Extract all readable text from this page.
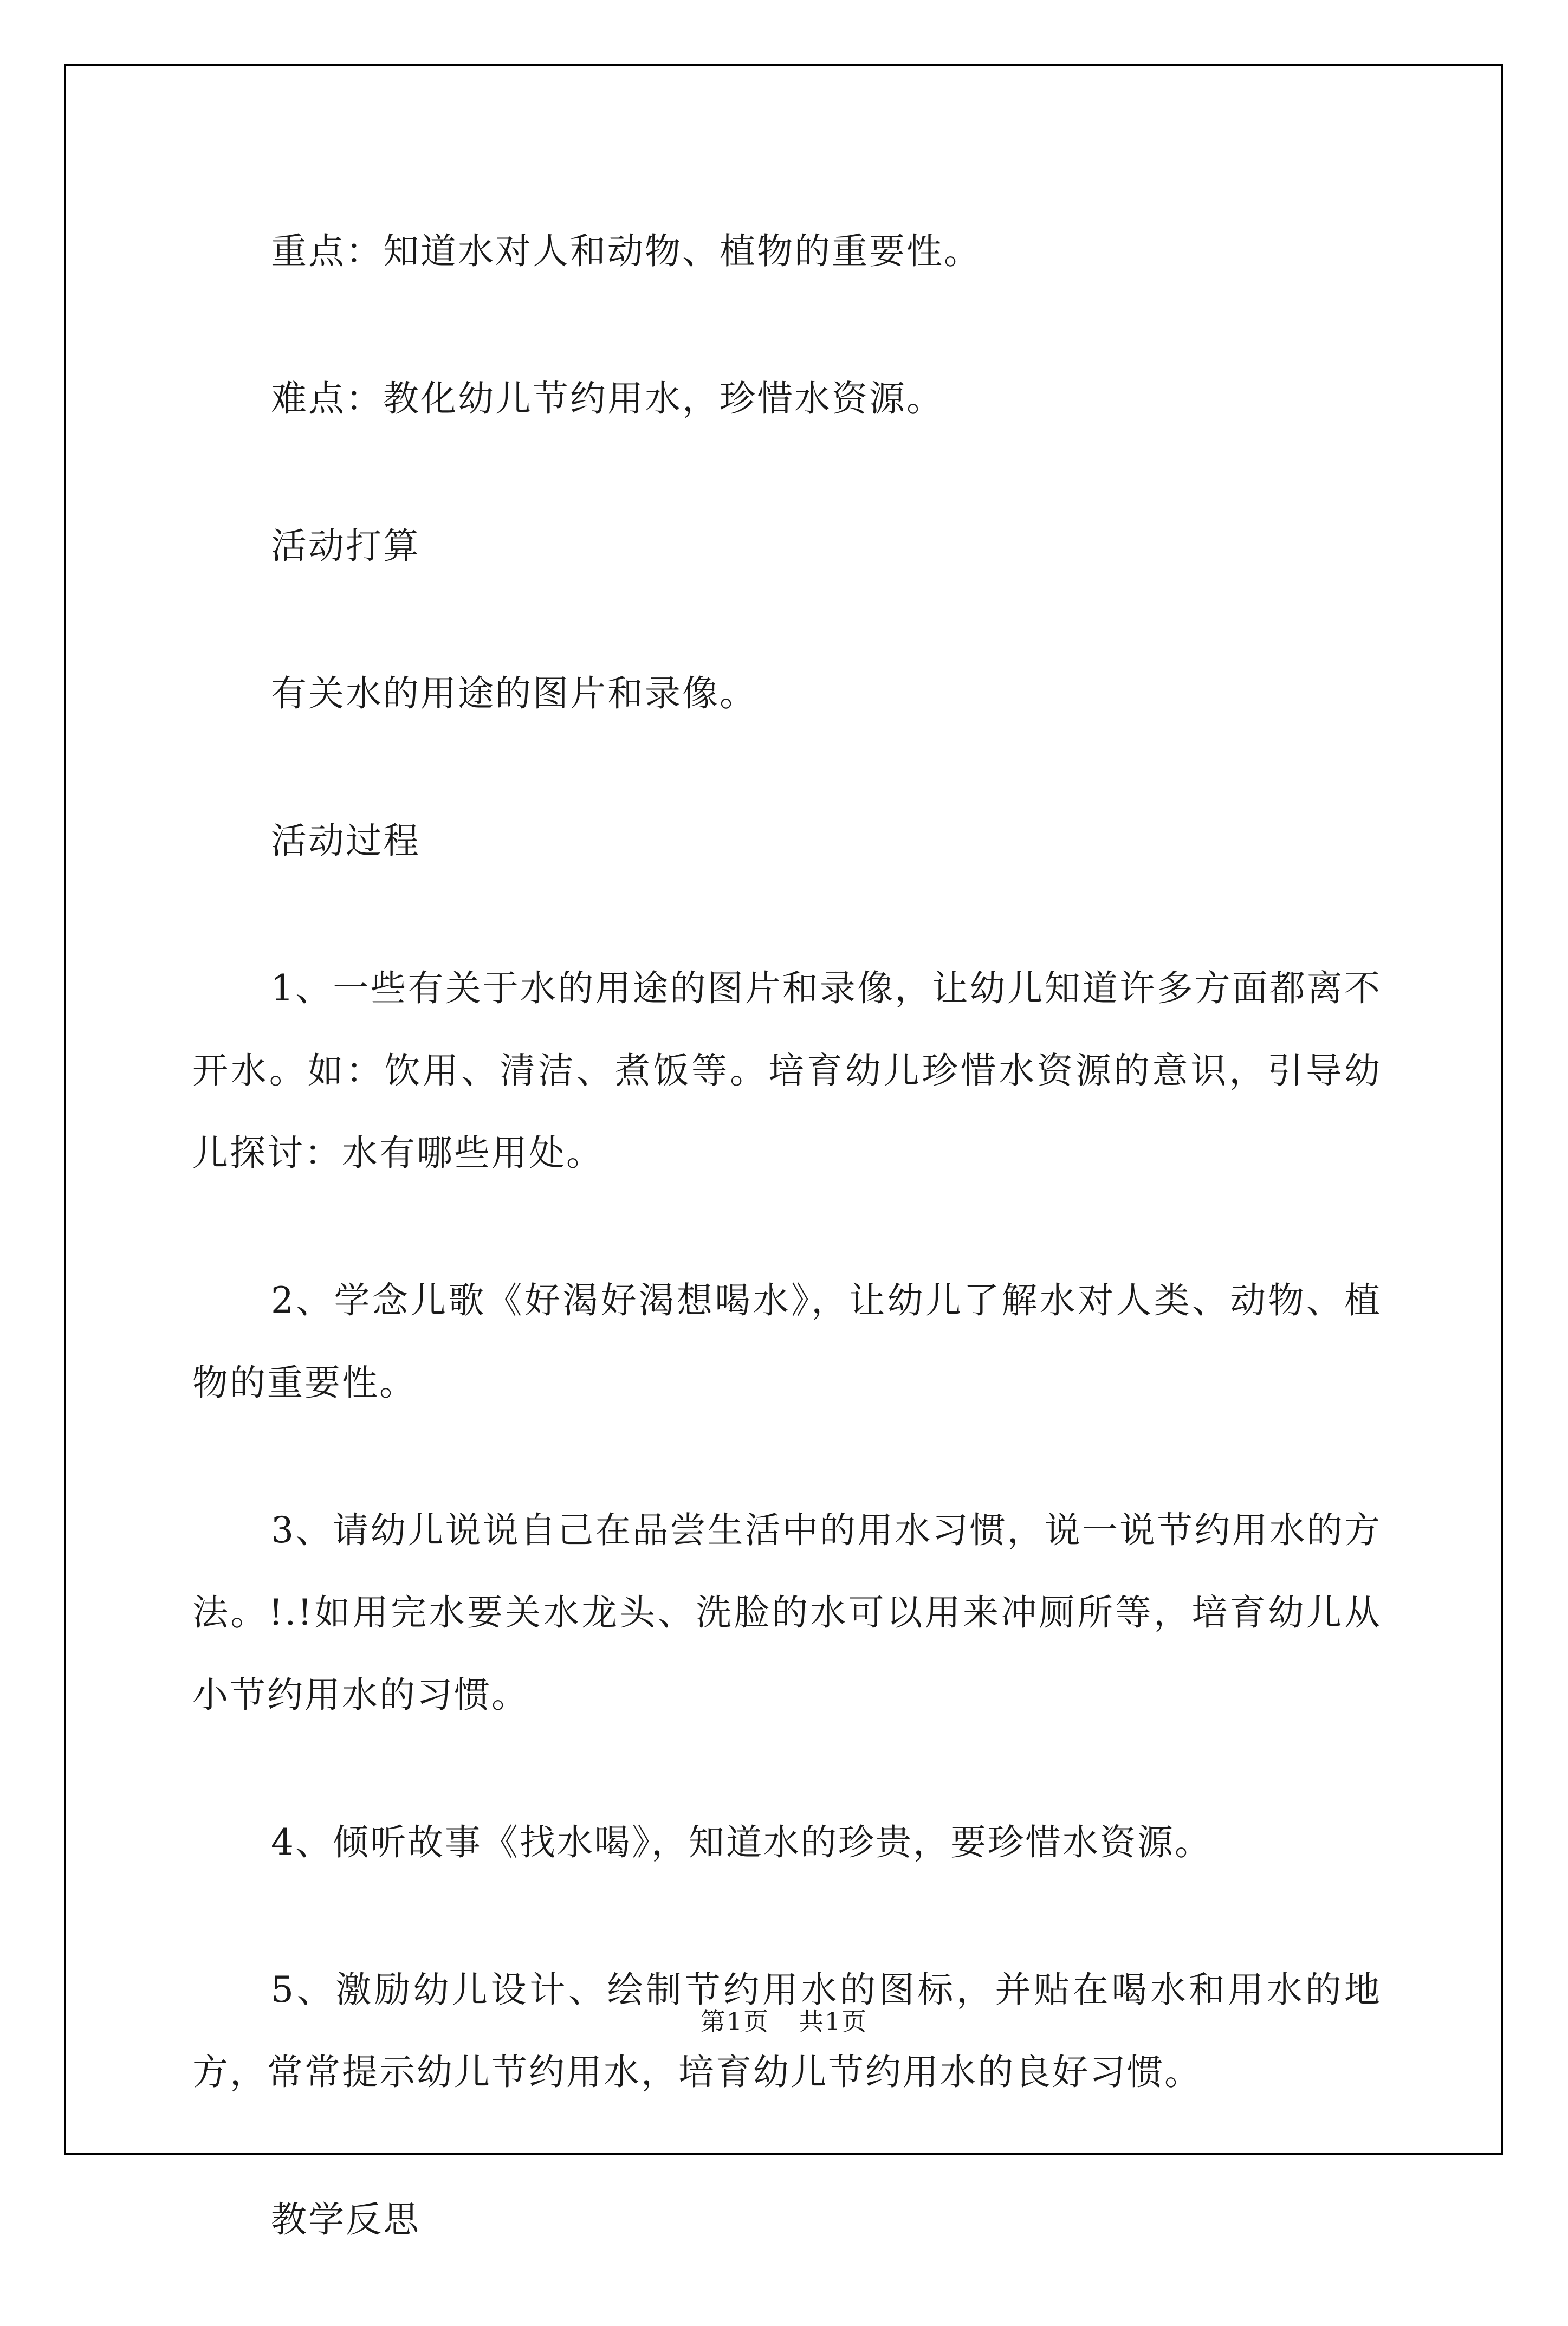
重点：知道水对人和动物、植物的重要性。

难点：教化幼儿节约用水，珍惜水资源。

活动打算

有关水的用途的图片和录像。

活动过程

1、一些有关于水的用途的图片和录像，让幼儿知道许多方面都离不开水。如：饮用、清洁、煮饭等。培育幼儿珍惜水资源的意识，引导幼儿探讨：水有哪些用处。

2、学念儿歌《好渴好渴想喝水》，让幼儿了解水对人类、动物、植物的重要性。

3、请幼儿说说自己在品尝生活中的用水习惯，说一说节约用水的方法。!.!如用完水要关水龙头、洗脸的水可以用来冲厕所等，培育幼儿从小节约用水的习惯。

4、倾听故事《找水喝》，知道水的珍贵，要珍惜水资源。

5、激励幼儿设计、绘制节约用水的图标，并贴在喝水和用水的地方，常常提示幼儿节约用水，培育幼儿节约用水的良好习惯。

教学反思

第1页 共1页
